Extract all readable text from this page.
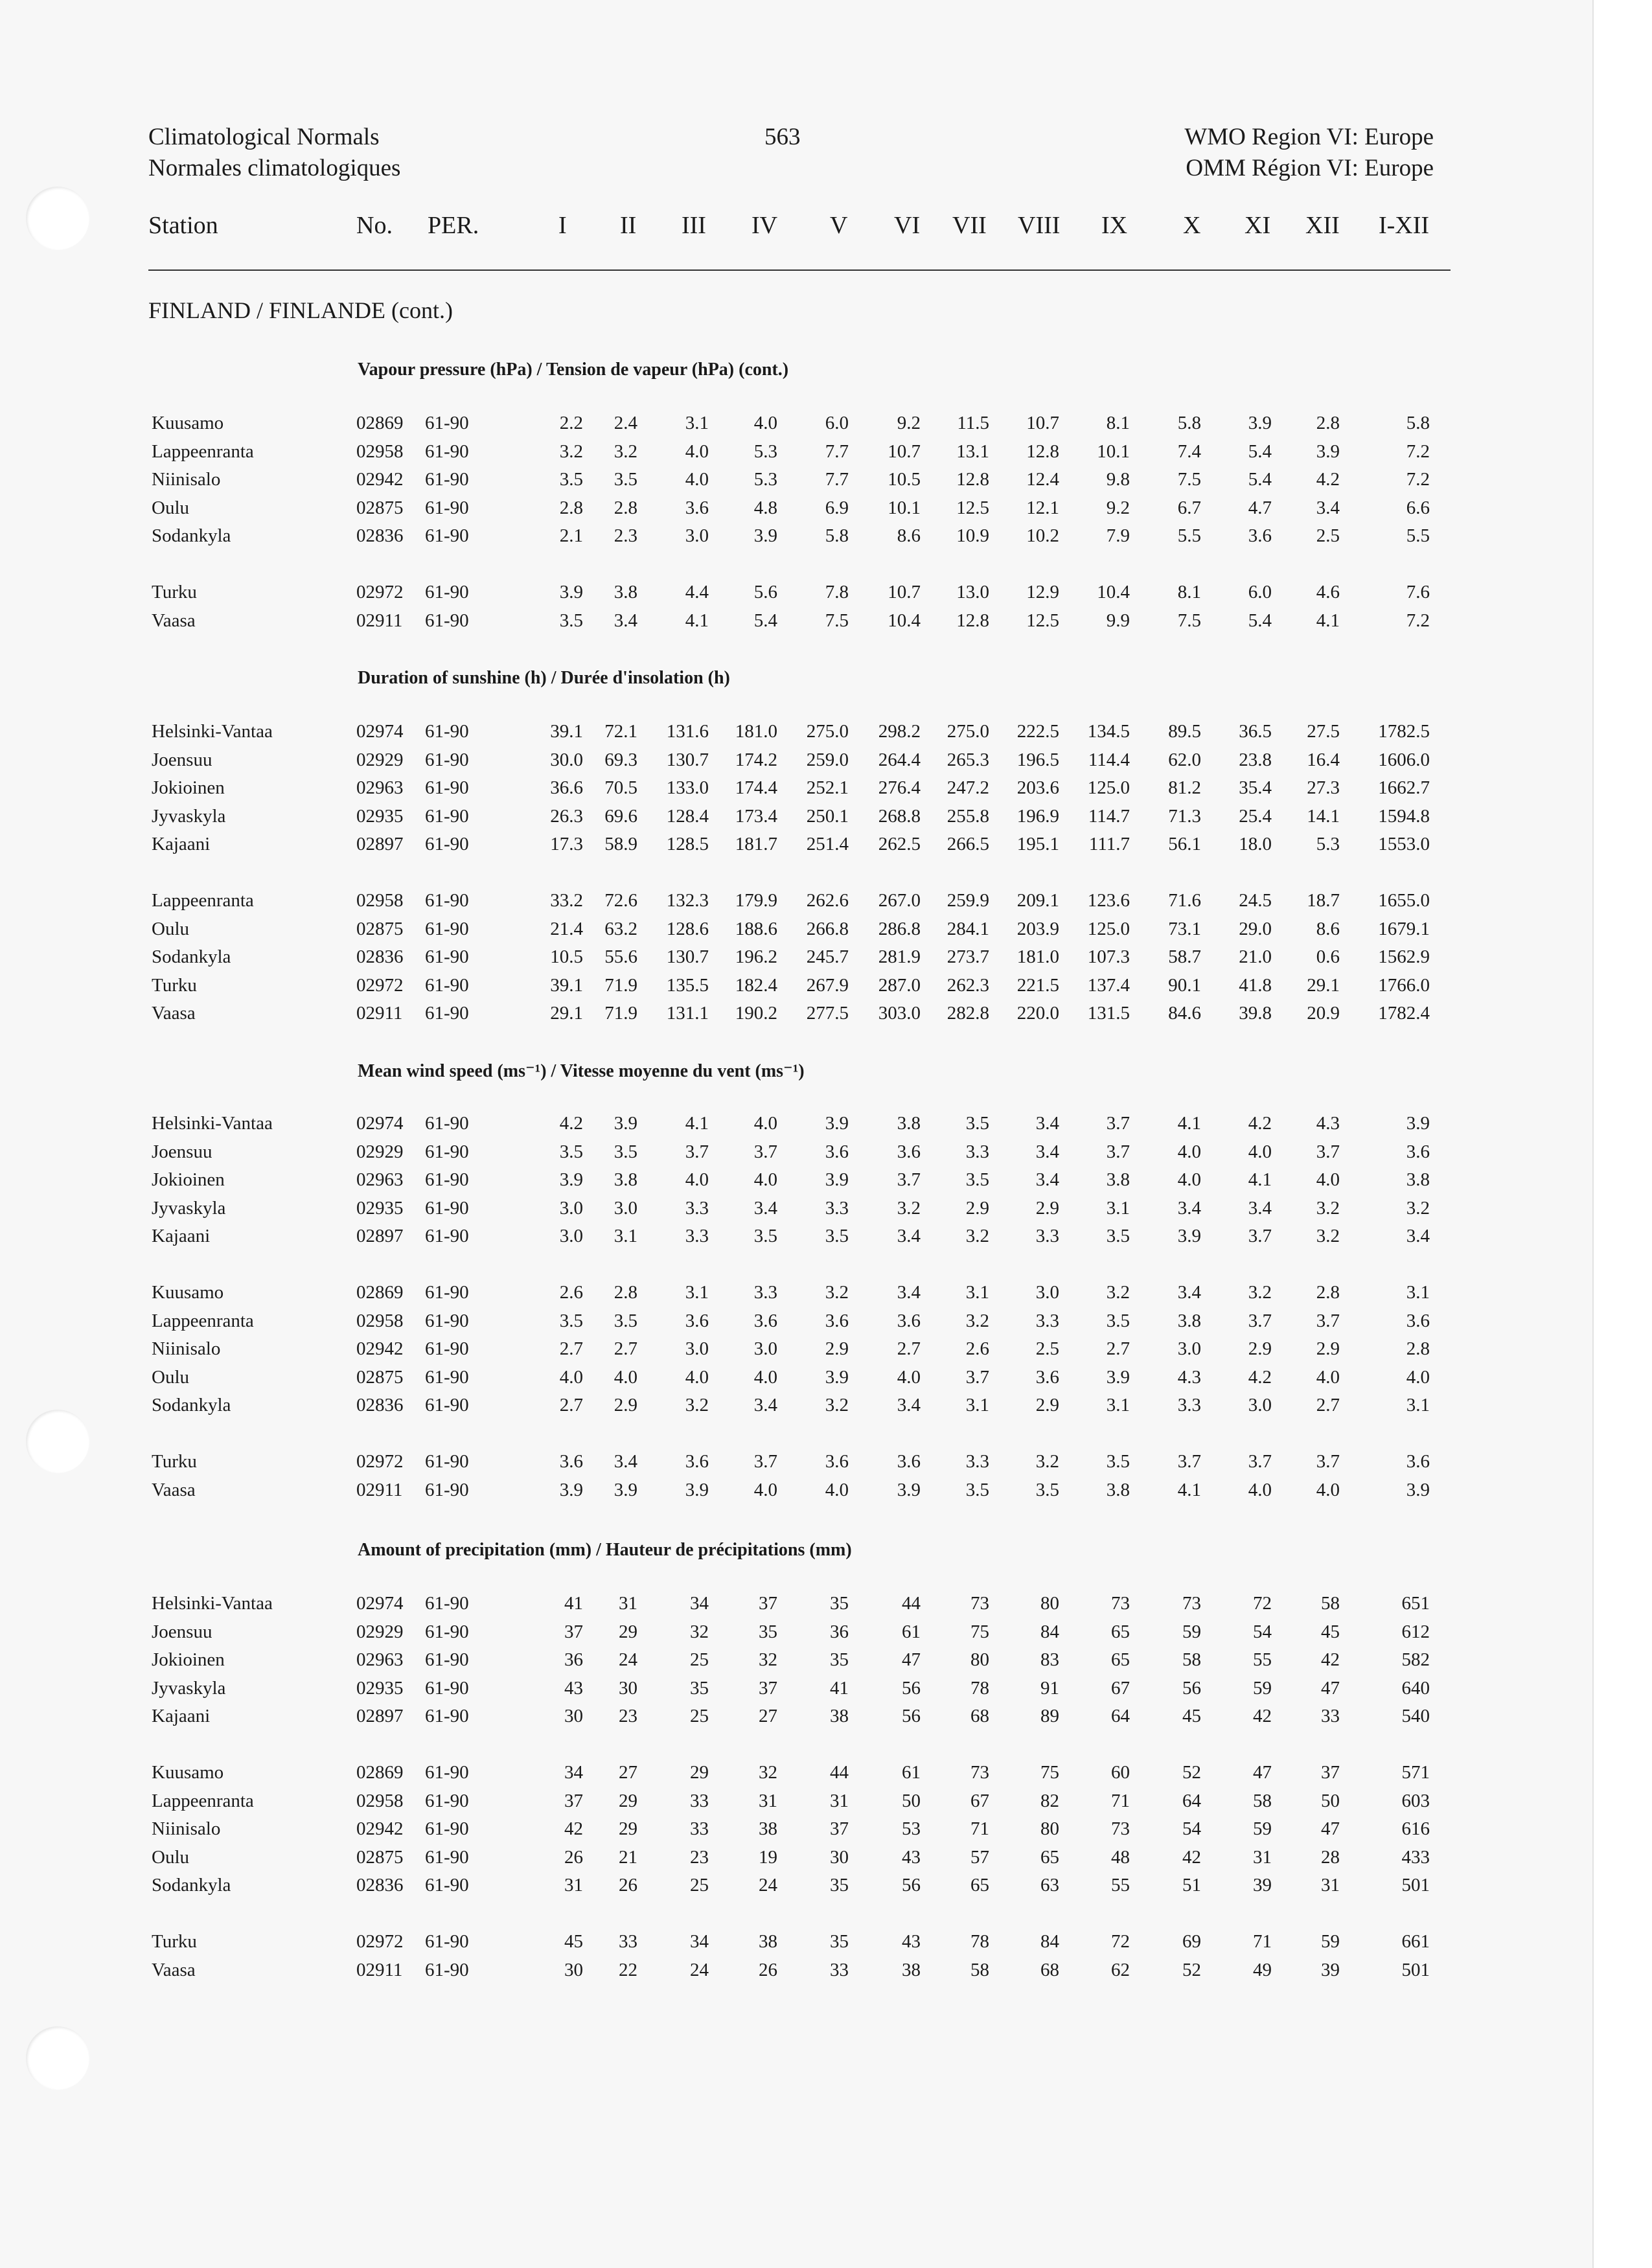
Climatological Normals
Normales climatologiques
563	WMO Region VI: Europe
OMM Région VI: Europe
Station	No. PER.	I II III IV V VI VII VIII IX X XI XII I-XII
FINLAND / FINLANDE (cont.)
Vapour pressure (hPa) / Tension de vapeur (hPa) (cont.)
Kuusamo	02869 61-90	2.2 2.4	3.1 4.0	6.0	9.2 11.5 10.7	8.1	5.8	3.9 2.8	5.8
Lappeenranta	02958 61-90	3.2 3.2	4.0 5.3	7.7 10.7 13.1 12.8 10.1	7.4	5.4 3.9	7.2
Niinisalo	02942 61-90	3.5 3.5	4.0 5.3	7.7 10.5 12.8 12.4	9.8	7.5	5.4 4.2	7.2
Oulu	02875 61-90	2.8 2.8	3.6 4.8	6.9 10.1 12.5 12.1	9.2	6.7	4.7 3.4	6.6
Sodankyla	02836 61-90	2.1 2.3	3.0 3.9	5.8	8.6 10.9 10.2	7.9	5.5	3.6 2.5	5.5
Turku	02972 61-90	3.9 3.8	4.4 5.6	7.8 10.7 13.0 12.9 10.4	8.1	6.0 4.6	7.6
Vaasa	02911 61-90	3.5 3.4	4.1 5.4	7.5 10.4 12.8 12.5	9.9	7.5	5.4 4.1	7.2
Duration of sunshine (h) / Durée d'insolation (h)
Helsinki-Vantaa	02974 61-90	39.1 72.1 131.6 181.0 275.0 298.2 275.0 222.5 134.5 89.5 36.5 27.5 1782.5
Joensuu	02929 61-90	30.0 69.3 130.7 174.2 259.0 264.4 265.3 196.5 114.4 62.0 23.8 16.4 1606.0
Jokioinen	02963 61-90	36.6 70.5 133.0 174.4 252.1 276.4 247.2 203.6 125.0 81.2 35.4 27.3 1662.7
Jyvaskyla	02935 61-90	26.3 69.6 128.4 173.4 250.1 268.8 255.8 196.9 114.7 71.3 25.4 14.1 1594.8
Kajaani	02897 61-90	17.3 58.9 128.5 181.7 251.4 262.5 266.5 195.1 111.7 56.1 18.0 5.3 1553.0
Lappeenranta	02958 61-90	33.2 72.6 132.3 179.9 262.6 267.0 259.9 209.1 123.6 71.6 24.5 18.7 1655.0
Oulu	02875 61-90	21.4 63.2 128.6 188.6 266.8 286.8 284.1 203.9 125.0 73.1 29.0 8.6 1679.1
Sodankyla	02836 61-90	10.5 55.6 130.7 196.2 245.7 281.9 273.7 181.0 107.3 58.7 21.0 0.6 1562.9
Turku	02972 61-90	39.1 71.9 135.5 182.4 267.9 287.0 262.3 221.5 137.4 90.1 41.8 29.1 1766.0
Vaasa	02911 61-90	29.1 71.9 131.1 190.2 277.5 303.0 282.8 220.0 131.5 84.6 39.8 20.9 1782.4
Mean wind speed (ms⁻¹) / Vitesse moyenne du vent (ms⁻¹)
Helsinki-Vantaa	02974 61-90	4.2 3.9	4.1 4.0	3.9	3.8 3.5 3.4	3.7	4.1	4.2 4.3	3.9
Joensuu	02929 61-90	3.5 3.5	3.7 3.7	3.6	3.6 3.3 3.4	3.7	4.0	4.0 3.7	3.6
Jokioinen	02963 61-90	3.9 3.8	4.0 4.0	3.9	3.7 3.5 3.4	3.8	4.0	4.1 4.0	3.8
Jyvaskyla	02935 61-90	3.0 3.0	3.3 3.4	3.3	3.2 2.9 2.9	3.1	3.4	3.4 3.2	3.2
Kajaani	02897 61-90	3.0 3.1	3.3 3.5	3.5	3.4 3.2 3.3	3.5	3.9	3.7 3.2	3.4
Kuusamo	02869 61-90	2.6 2.8	3.1 3.3	3.2	3.4 3.1 3.0	3.2	3.4	3.2 2.8	3.1
Lappeenranta	02958 61-90	3.5 3.5	3.6 3.6	3.6	3.6 3.2 3.3	3.5	3.8	3.7 3.7	3.6
Niinisalo	02942 61-90	2.7 2.7	3.0 3.0	2.9	2.7 2.6 2.5	2.7	3.0	2.9 2.9	2.8
Oulu	02875 61-90	4.0 4.0	4.0 4.0	3.9	4.0 3.7 3.6	3.9	4.3	4.2 4.0	4.0
Sodankyla	02836 61-90	2.7 2.9	3.2 3.4	3.2	3.4 3.1 2.9	3.1	3.3	3.0 2.7	3.1
Turku	02972 61-90	3.6 3.4	3.6 3.7	3.6	3.6 3.3 3.2	3.5	3.7	3.7 3.7	3.6
Vaasa	02911 61-90	3.9 3.9	3.9 4.0	4.0	3.9 3.5 3.5	3.8	4.1	4.0 4.0	3.9
Amount of precipitation (mm) / Hauteur de précipitations (mm)
Helsinki-Vantaa	02974 61-90	41 31	34	37	35	44	73	80	73	73	72	58	651
Joensuu	02929 61-90	37 29	32	35	36	61	75	84	65	59	54	45	612
Jokioinen	02963 61-90	36 24	25	32	35	47	80	83	65	58	55	42	582
Jyvaskyla	02935 61-90	43 30	35	37	41	56	78	91	67	56	59	47	640
Kajaani	02897 61-90	30 23	25	27	38	56	68	89	64	45	42	33	540
Kuusamo	02869 61-90	34 27	29	32	44	61	73	75	60	52	47	37	571
Lappeenranta	02958 61-90	37 29	33	31	31	50	67	82	71	64	58	50	603
Niinisalo	02942 61-90	42 29	33	38	37	53	71	80	73	54	59	47	616
Oulu	02875 61-90	26 21	23	19	30	43	57	65	48	42	31	28	433
Sodankyla	02836 61-90	31 26	25	24	35	56	65	63	55	51	39	31	501
Turku	02972 61-90	45 33	34	38	35	43	78	84	72	69	71	59	661
Vaasa	02911 61-90	30 22	24	26	33	38	58	68	62	52	49	39	501
